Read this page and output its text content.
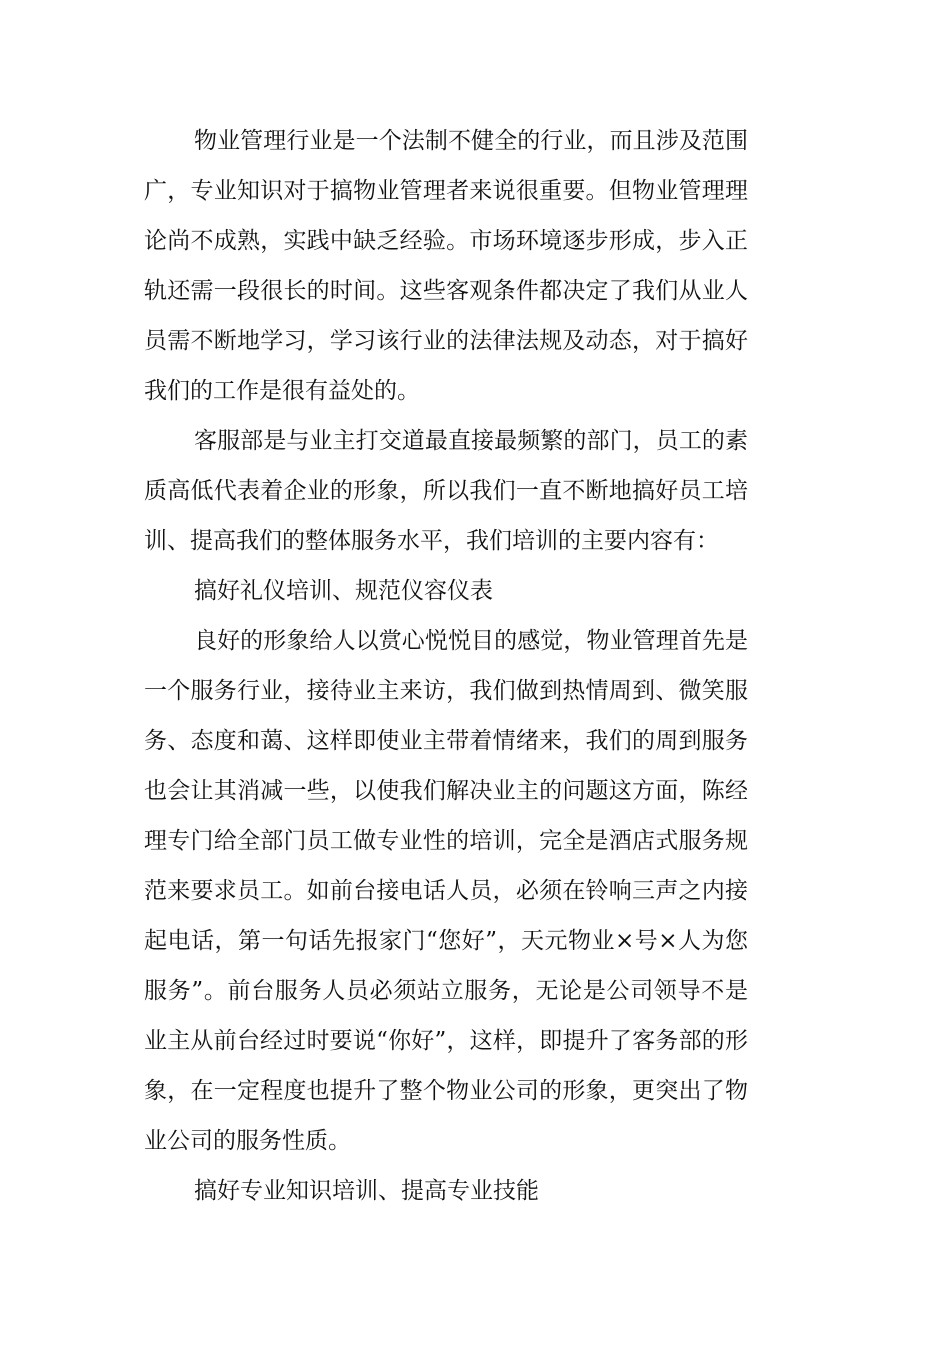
物业管理行业是一个法制不健全的行业，而且涉及范围广，专业知识对于搞物业管理者来说很重要。但物业管理理论尚不成熟，实践中缺乏经验。市场环境逐步形成，步入正轨还需一段很长的时间。这些客观条件都决定了我们从业人员需不断地学习，学习该行业的法律法规及动态，对于搞好我们的工作是很有益处的。

客服部是与业主打交道最直接最频繁的部门，员工的素质高低代表着企业的形象，所以我们一直不断地搞好员工培训、提高我们的整体服务水平，我们培训的主要内容有：

搞好礼仪培训、规范仪容仪表

良好的形象给人以赏心悦悦目的感觉，物业管理首先是一个服务行业，接待业主来访，我们做到热情周到、微笑服务、态度和蔼、这样即使业主带着情绪来，我们的周到服务也会让其消减一些，以使我们解决业主的问题这方面，陈经理专门给全部门员工做专业性的培训，完全是酒店式服务规范来要求员工。如前台接电话人员，必须在铃响三声之内接起电话，第一句话先报家门“您好”，天元物业×号×人为您服务”。前台服务人员必须站立服务，无论是公司领导不是业主从前台经过时要说“你好”，这样，即提升了客务部的形象，在一定程度也提升了整个物业公司的形象，更突出了物业公司的服务性质。

搞好专业知识培训、提高专业技能
